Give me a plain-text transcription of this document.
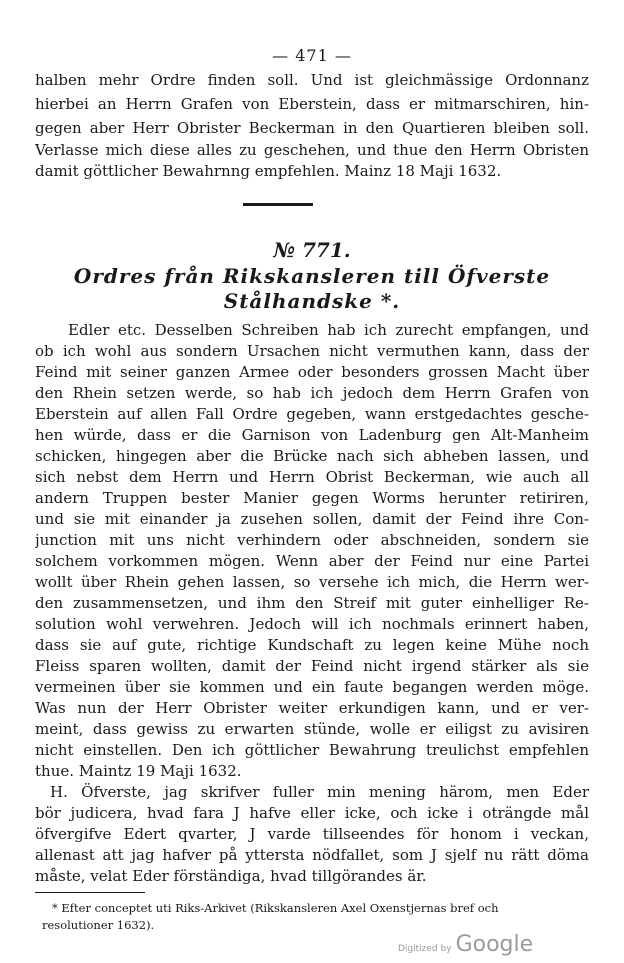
— 471 —
halben mehr Ordre finden soll. Und ist gleichmässige Ordonnanz
hierbei an Herrn Grafen von Eberstein, dass er mitmarschiren, hin-
gegen aber Herr Obrister Beckerman in den Quartieren bleiben soll.
Verlasse mich diese alles zu geschehen, und thue den Herrn Obristen
damit göttlicher Bewahrnng empfehlen. Mainz 18 Maji 1632.
№ 771.
Ordres från Rikskansleren till Öfverste
Stålhandske *.
Edler etc. Desselben Schreiben hab ich zurecht empfangen, und
ob ich wohl aus sondern Ursachen nicht vermuthen kann, dass der
Feind mit seiner ganzen Armee oder besonders grossen Macht über
den Rhein setzen werde, so hab ich jedoch dem Herrn Grafen von
Eberstein auf allen Fall Ordre gegeben, wann erstgedachtes gesche-
hen würde, dass er die Garnison von Ladenburg gen Alt-Manheim
schicken, hingegen aber die Brücke nach sich abheben lassen, und
sich nebst dem Herrn und Herrn Obrist Beckerman, wie auch all
andern Truppen bester Manier gegen Worms herunter retiriren,
und sie mit einander ja zusehen sollen, damit der Feind ihre Con-
junction mit uns nicht verhindern oder abschneiden, sondern sie
solchem vorkommen mögen. Wenn aber der Feind nur eine Partei
wollt über Rhein gehen lassen, so versehe ich mich, die Herrn wer-
den zusammensetzen, und ihm den Streif mit guter einhelliger Re-
solution wohl verwehren. Jedoch will ich nochmals erinnert haben,
dass sie auf gute, richtige Kundschaft zu legen keine Mühe noch
Fleiss sparen wollten, damit der Feind nicht irgend stärker als sie
vermeinen über sie kommen und ein faute begangen werden möge.
Was nun der Herr Obrister weiter erkundigen kann, und er ver-
meint, dass gewiss zu erwarten stünde, wolle er eiligst zu avisiren
nicht einstellen. Den ich göttlicher Bewahrung treulichst empfehlen
thue. Maintz 19 Maji 1632.
H. Öfverste, jag skrifver fuller min mening härom, men Eder
bör judicera, hvad fara J hafve eller icke, och icke i oträngde mål
öfvergifve Edert qvarter, J varde tillseendes för honom i veckan,
allenast att jag hafver på yttersta nödfallet, som J sjelf nu rätt döma
måste, velat Eder förständiga, hvad tillgörandes är.
* Efter conceptet uti Riks-Arkivet (Rikskansleren Axel Oxenstjernas bref och
resolutioner 1632).
Digitized by Google
